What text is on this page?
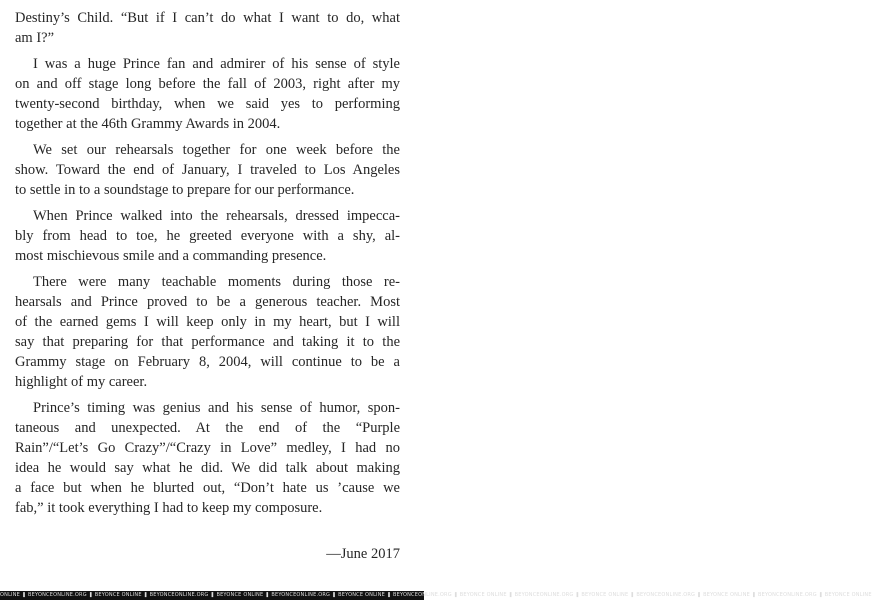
Destiny’s Child. “But if I can’t do what I want to do, what
am I?”
I was a huge Prince fan and admirer of his sense of style
on and off stage long before the fall of 2003, right after my
twenty-second birthday, when we said yes to performing
together at the 46th Grammy Awards in 2004.
We set our rehearsals together for one week before the
show. Toward the end of January, I traveled to Los Angeles
to settle in to a soundstage to prepare for our performance.
When Prince walked into the rehearsals, dressed impecca-
bly from head to toe, he greeted everyone with a shy, al-
most mischievous smile and a commanding presence.
There were many teachable moments during those re-
hearsals and Prince proved to be a generous teacher. Most
of the earned gems I will keep only in my heart, but I will
say that preparing for that performance and taking it to the
Grammy stage on February 8, 2004, will continue to be a
highlight of my career.
Prince’s timing was genius and his sense of humor, spon-
taneous and unexpected. At the end of the “Purple
Rain”/“Let’s Go Crazy”/“Crazy in Love” medley, I had no
idea he would say what he did. We did talk about making
a face but when he blurted out, “Don’t hate us ’cause we
fab,” it took everything I had to keep my composure.
—June 2017
ONLINE ❚ BEYONCEONLINE.ORG ❚ BEYONCE ONLINE ❚ BEYONCEONLINE.ORG ❚ BEYONCE ONLINE ❚ BEYONCEONLINE.ORG ❚ BEYONCE ONLINE ❚ BEYONCEONLINE.ORG ❚ BEYONCE ONLINE ❚ BEYONCEONLINE.ORG ❚ BEYONCE ONLINE ❚ BEYONCEONLINE.ORG ❚ BEYONCE ONLINE ❚ BEYONCEONLINE.ORG ❚ BEYONCE ONLINE
